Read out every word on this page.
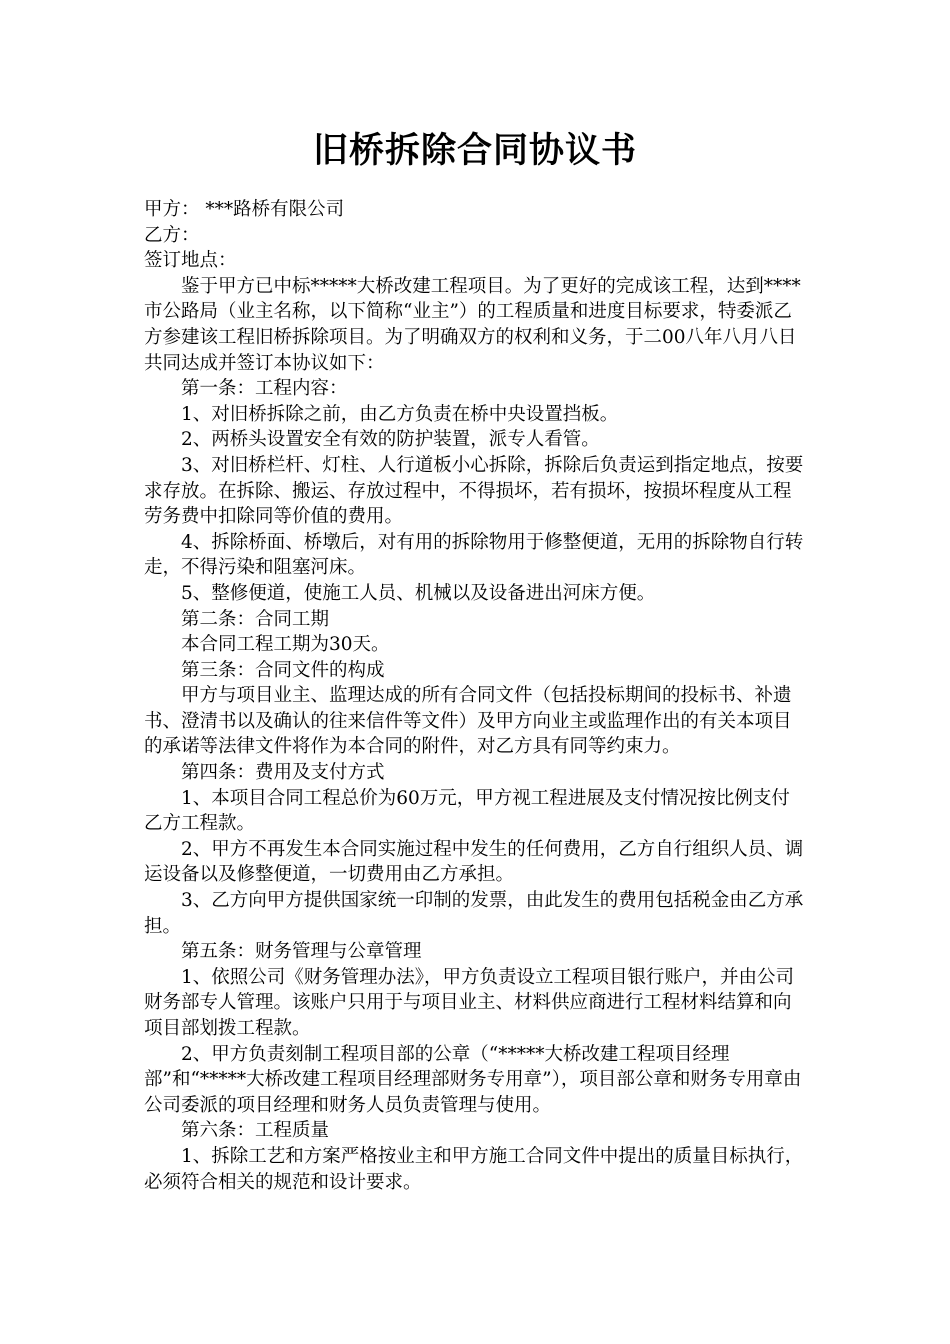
旧桥拆除合同协议书

甲方： ***路桥有限公司

乙方：

签订地点：

鉴于甲方已中标*****大桥改建工程项目。为了更好的完成该工程，达到****市公路局（业主名称，以下简称“业主”）的工程质量和进度目标要求，特委派乙方参建该工程旧桥拆除项目。为了明确双方的权利和义务，于二00八年八月八日共同达成并签订本协议如下：

第一条：工程内容：

1、对旧桥拆除之前，由乙方负责在桥中央设置挡板。

2、两桥头设置安全有效的防护装置，派专人看管。

3、对旧桥栏杆、灯柱、人行道板小心拆除，拆除后负责运到指定地点，按要求存放。在拆除、搬运、存放过程中，不得损坏，若有损坏，按损坏程度从工程劳务费中扣除同等价值的费用。

4、拆除桥面、桥墩后，对有用的拆除物用于修整便道，无用的拆除物自行转走，不得污染和阻塞河床。

5、整修便道，使施工人员、机械以及设备进出河床方便。

第二条：合同工期

本合同工程工期为30天。

第三条：合同文件的构成

甲方与项目业主、监理达成的所有合同文件（包括投标期间的投标书、补遗书、澄清书以及确认的往来信件等文件）及甲方向业主或监理作出的有关本项目的承诺等法律文件将作为本合同的附件，对乙方具有同等约束力。

第四条：费用及支付方式

1、本项目合同工程总价为60万元，甲方视工程进展及支付情况按比例支付乙方工程款。

2、甲方不再发生本合同实施过程中发生的任何费用，乙方自行组织人员、调运设备以及修整便道，一切费用由乙方承担。

3、乙方向甲方提供国家统一印制的发票，由此发生的费用包括税金由乙方承担。

第五条：财务管理与公章管理

1、依照公司《财务管理办法》，甲方负责设立工程项目银行账户，并由公司财务部专人管理。该账户只用于与项目业主、材料供应商进行工程材料结算和向项目部划拨工程款。

2、甲方负责刻制工程项目部的公章（“*****大桥改建工程项目经理部”和“*****大桥改建工程项目经理部财务专用章”），项目部公章和财务专用章由公司委派的项目经理和财务人员负责管理与使用。

第六条：工程质量

1、拆除工艺和方案严格按业主和甲方施工合同文件中提出的质量目标执行，必须符合相关的规范和设计要求。
